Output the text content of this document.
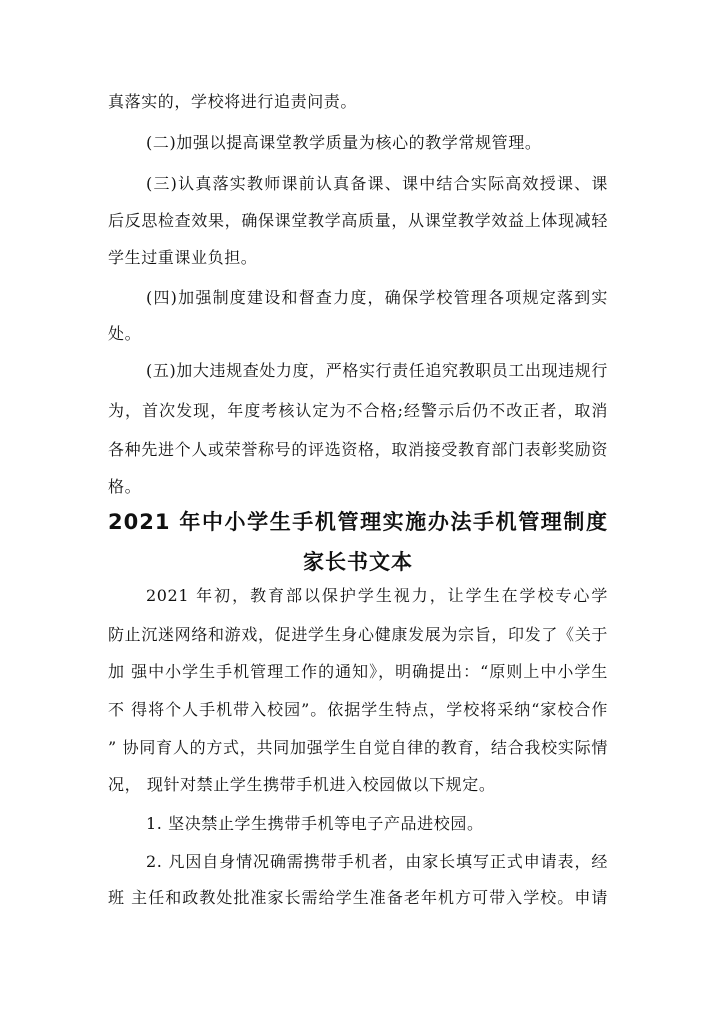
真落实的，学校将进行追责问责。
(二)加强以提高课堂教学质量为核心的教学常规管理。
(三)认真落实教师课前认真备课、课中结合实际高效授课、课
后反思检查效果，确保课堂教学高质量，从课堂教学效益上体现减轻
学生过重课业负担。
(四)加强制度建设和督查力度，确保学校管理各项规定落到实
处。
(五)加大违规查处力度，严格实行责任追究教职员工出现违规行
为，首次发现，年度考核认定为不合格;经警示后仍不改正者，取消
各种先进个人或荣誉称号的评选资格，取消接受教育部门表彰奖励资
格。
2021 年中小学生手机管理实施办法手机管理制度
家长书文本
2021 年初，教育部以保护学生视力，让学生在学校专心学
防止沉迷网络和游戏，促进学生身心健康发展为宗旨，印发了《关于
加 强中小学生手机管理工作的通知》，明确提出：“原则上中小学生
不 得将个人手机带入校园”。依据学生特点，学校将采纳“家校合作
” 协同育人的方式，共同加强学生自觉自律的教育，结合我校实际情
况， 现针对禁止学生携带手机进入校园做以下规定。
1. 坚决禁止学生携带手机等电子产品进校园。
2. 凡因自身情况确需携带手机者，由家长填写正式申请表，经
班 主任和政教处批准家长需给学生准备老年机方可带入学校。申请
